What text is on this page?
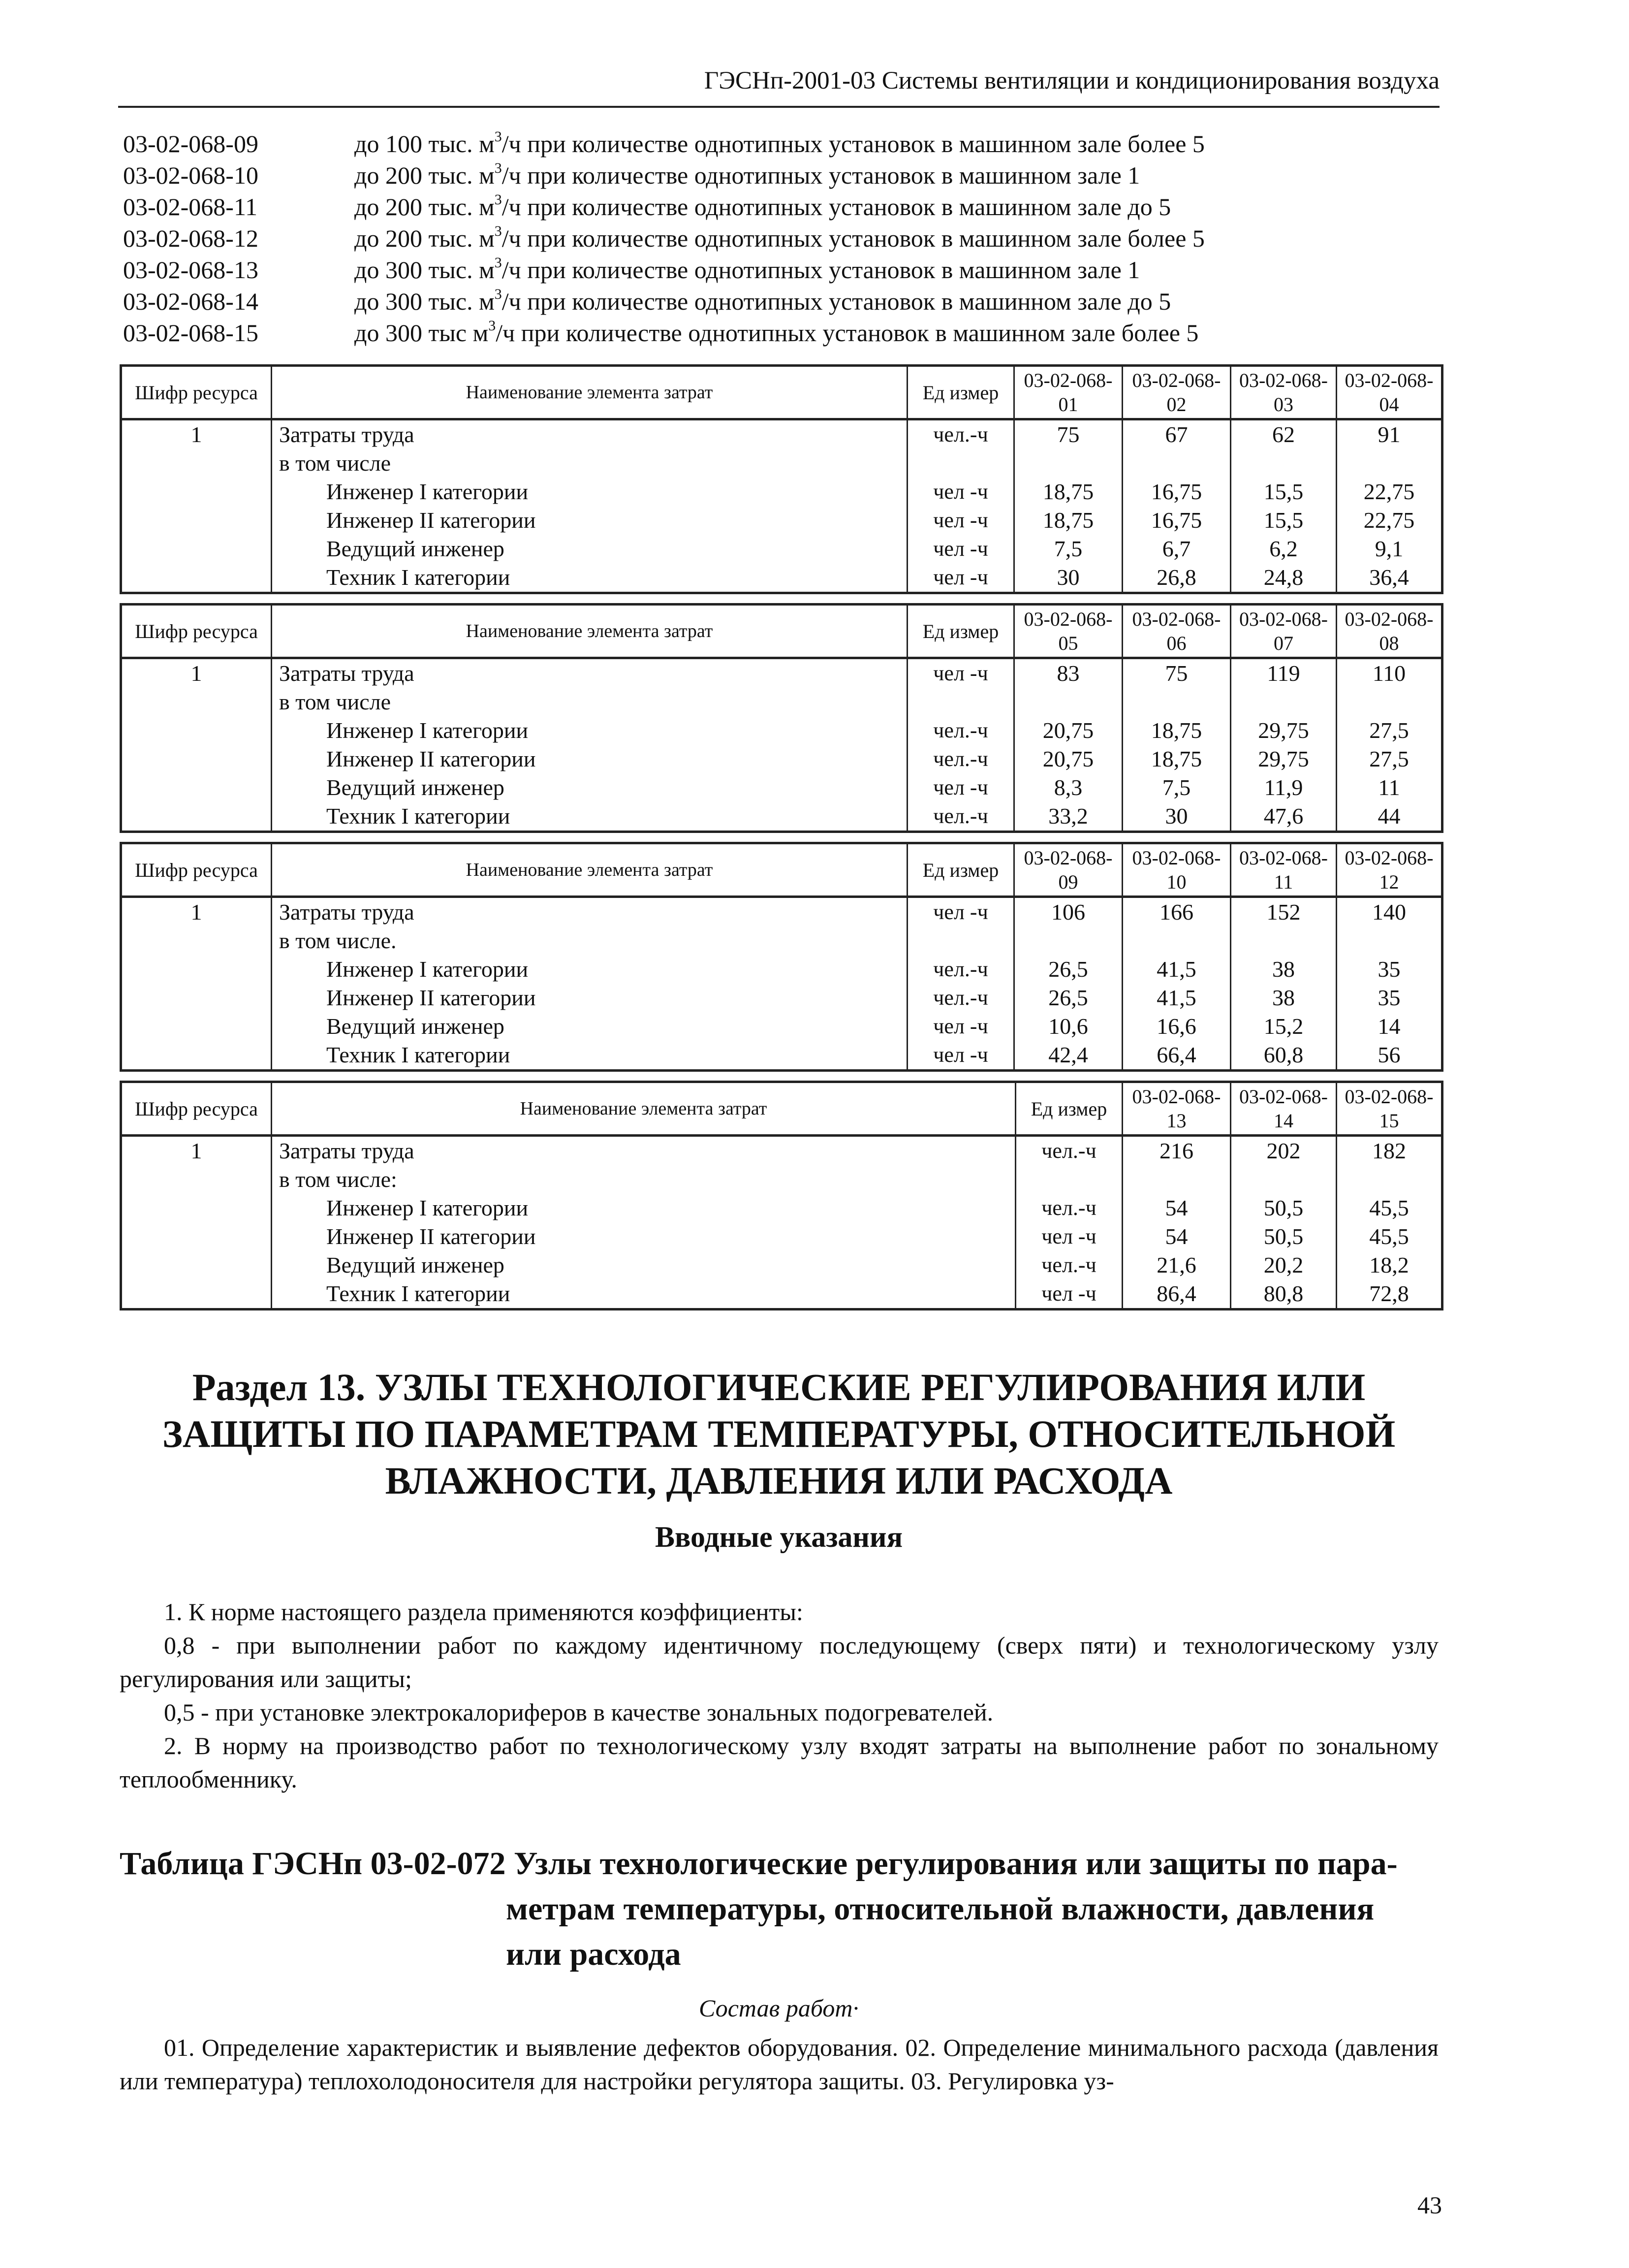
ГЭСНп-2001-03 Системы вентиляции и кондиционирования воздуха
03-02-068-09	до 100 тыс. $м^3/ч$ при количестве однотипных установок в машинном зале более 5
03-02-068-10	до 200 тыс. $м^3/ч$ при количестве однотипных установок в машинном зале 1
03-02-068-11	до 200 тыс. $м^3/ч$ при количестве однотипных установок в машинном зале до 5
03-02-068-12	до 200 тыс. $м^3/ч$ при количестве однотипных установок в машинном зале более 5
03-02-068-13	до 300 тыс. $м^3/ч$ при количестве однотипных установок в машинном зале 1
03-02-068-14	до 300 тыс. $м^3/ч$ при количестве однотипных установок в машинном зале до 5
03-02-068-15	до 300 тыс $м^3/ч$ при количестве однотипных установок в машинном зале более 5
Шифр ресурса	Наименование элемента затрат	Ед измер	03-02-068-01	03-02-068-02	03-02-068-03	03-02-068-04
1	Затраты труда	чел.-ч	75	67	62	91
	в том числе					
	Инженер I категории	чел -ч	18,75	16,75	15,5	22,75
	Инженер II категории	чел -ч	18,75	16,75	15,5	22,75
	Ведущий инженер	чел -ч	7,5	6,7	6,2	9,1
	Техник I категории	чел -ч	30	26,8	24,8	36,4
Шифр ресурса	Наименование элемента затрат	Ед измер	03-02-068-05	03-02-068-06	03-02-068-07	03-02-068-08
1	Затраты труда	чел -ч	83	75	119	110
	в том числе					
	Инженер I категории	чел.-ч	20,75	18,75	29,75	27,5
	Инженер II категории	чел.-ч	20,75	18,75	29,75	27,5
	Ведущий инженер	чел -ч	8,3	7,5	11,9	11
	Техник I категории	чел.-ч	33,2	30	47,6	44
Шифр ресурса	Наименование элемента затрат	Ед измер	03-02-068-09	03-02-068-10	03-02-068-11	03-02-068-12
1	Затраты труда	чел -ч	106	166	152	140
	в том числе.					
	Инженер I категории	чел.-ч	26,5	41,5	38	35
	Инженер II категории	чел.-ч	26,5	41,5	38	35
	Ведущий инженер	чел -ч	10,6	16,6	15,2	14
	Техник I категории	чел -ч	42,4	66,4	60,8	56
Шифр ресурса	Наименование элемента затрат	Ед измер	03-02-068-13	03-02-068-14	03-02-068-15
1	Затраты труда	чел.-ч	216	202	182
	в том числе:				
	Инженер I категории	чел.-ч	54	50,5	45,5
	Инженер II категории	чел -ч	54	50,5	45,5
	Ведущий инженер	чел.-ч	21,6	20,2	18,2
	Техник I категории	чел -ч	86,4	80,8	72,8
Раздел 13. УЗЛЫ ТЕХНОЛОГИЧЕСКИЕ РЕГУЛИРОВАНИЯ ИЛИ
ЗАЩИТЫ ПО ПАРАМЕТРАМ ТЕМПЕРАТУРЫ, ОТНОСИТЕЛЬНОЙ
ВЛАЖНОСТИ, ДАВЛЕНИЯ ИЛИ РАСХОДА
Вводные указания
1. К норме настоящего раздела применяются коэффициенты:
0,8 - при выполнении работ по каждому идентичному последующему (сверх пяти) и технологическому узлу регулирования или защиты;
0,5 - при установке электрокалориферов в качестве зональных подогревателей.
2. В норму на производство работ по технологическому узлу входят затраты на выполнение работ по зональному теплообменнику.
Таблица ГЭСНп 03-02-072 Узлы технологические регулирования или защиты по пара-
метрам температуры, относительной влажности, давления
или расхода
Состав работ·
01. Определение характеристик и выявление дефектов оборудования. 02. Определение минимального расхода (давления или температура) теплохолодоносителя для настройки регулятора защиты. 03. Регулировка уз-
43
